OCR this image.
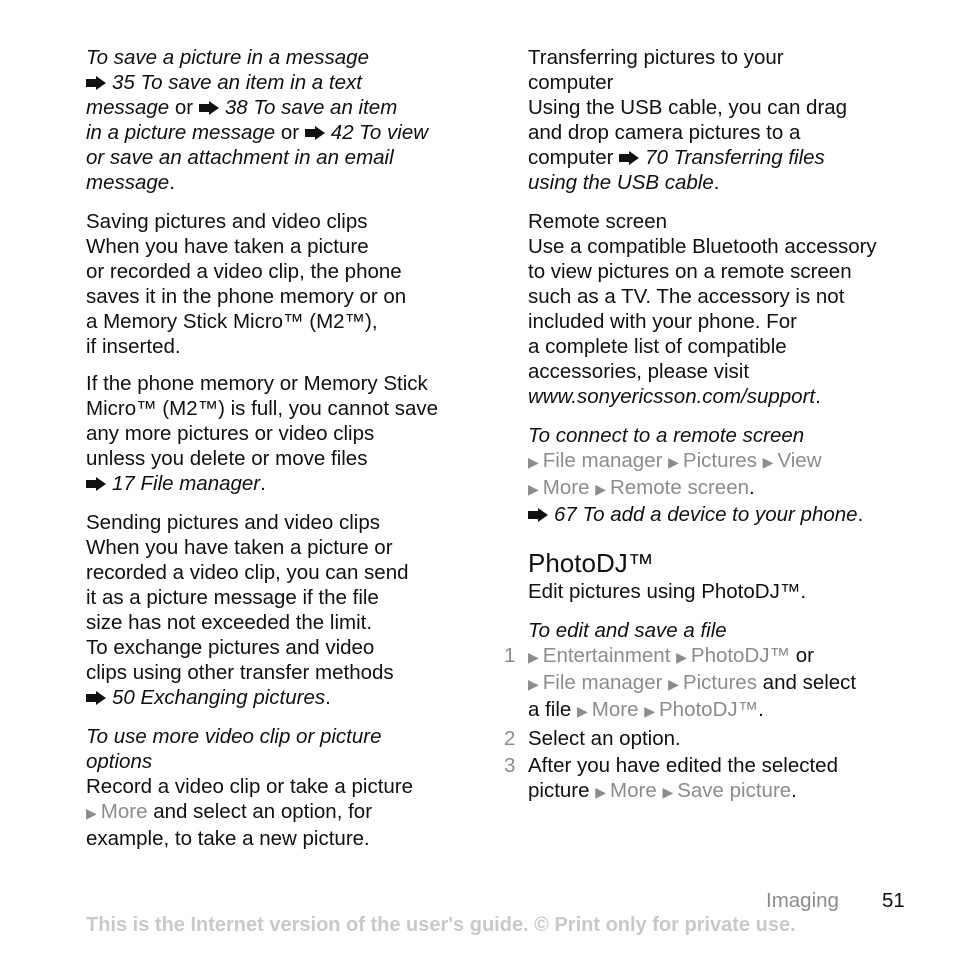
To save a picture in a message

35 To save an item in a text
message or 38 To save an item
in a picture message or 42 To view
or save an attachment in an email
message.

Saving pictures and video clips

When you have taken a picture
or recorded a video clip, the phone
saves it in the phone memory or on
a Memory Stick Micro™ (M2™),
if inserted.

If the phone memory or Memory Stick
Micro™ (M2™) is full, you cannot save
any more pictures or video clips
unless you delete or move files
17 File manager.

Sending pictures and video clips

When you have taken a picture or
recorded a video clip, you can send
it as a picture message if the file
size has not exceeded the limit.
To exchange pictures and video
clips using other transfer methods
50 Exchanging pictures.

To use more video clip or picture
options

Record a video clip or take a picture
▶ More and select an option, for
example, to take a new picture.

Transferring pictures to your
computer

Using the USB cable, you can drag
and drop camera pictures to a
computer 70 Transferring files
using the USB cable.

Remote screen

Use a compatible Bluetooth accessory
to view pictures on a remote screen
such as a TV. The accessory is not
included with your phone. For
a complete list of compatible
accessories, please visit
www.sonyericsson.com/support.

To connect to a remote screen

▶ File manager ▶ Pictures ▶ View
▶ More ▶ Remote screen.
67 To add a device to your phone.

PhotoDJ™

Edit pictures using PhotoDJ™.

To edit and save a file

1 ▶ Entertainment ▶ PhotoDJ™ or
▶ File manager ▶ Pictures and select
a file ▶ More ▶ PhotoDJ™.
2 Select an option.
3 After you have edited the selected
picture ▶ More ▶ Save picture.
Imaging 51
This is the Internet version of the user's guide. © Print only for private use.
